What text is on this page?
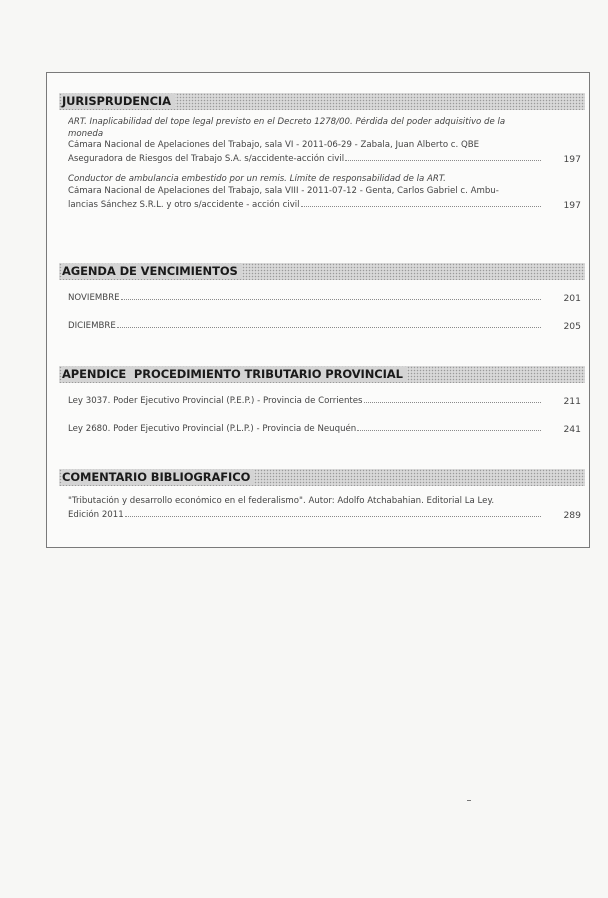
JURISPRUDENCIA
ART. Inaplicabilidad del tope legal previsto en el Decreto 1278/00. Pérdida del poder adquisitivo de la moneda
Cámara Nacional de Apelaciones del Trabajo, sala VI - 2011-06-29 - Zabala, Juan Alberto c. QBE
Aseguradora de Riesgos del Trabajo S.A. s/accidente-acción civil	197
Conductor de ambulancia embestido por un remis. Límite de responsabilidad de la ART.
Cámara Nacional de Apelaciones del Trabajo, sala VIII - 2011-07-12 - Genta, Carlos Gabriel c. Ambu-
lancias Sánchez S.R.L. y otro s/accidente - acción civil	197
AGENDA DE VENCIMIENTOS
NOVIEMBRE	201
DICIEMBRE	205
APENDICE  PROCEDIMIENTO TRIBUTARIO PROVINCIAL
Ley 3037. Poder Ejecutivo Provincial (P.E.P.) - Provincia de Corrientes	211
Ley 2680. Poder Ejecutivo Provincial (P.L.P.) - Provincia de Neuquén	241
COMENTARIO BIBLIOGRAFICO
"Tributación y desarrollo económico en el federalismo". Autor: Adolfo Atchabahian. Editorial La Ley.
Edición 2011	289
